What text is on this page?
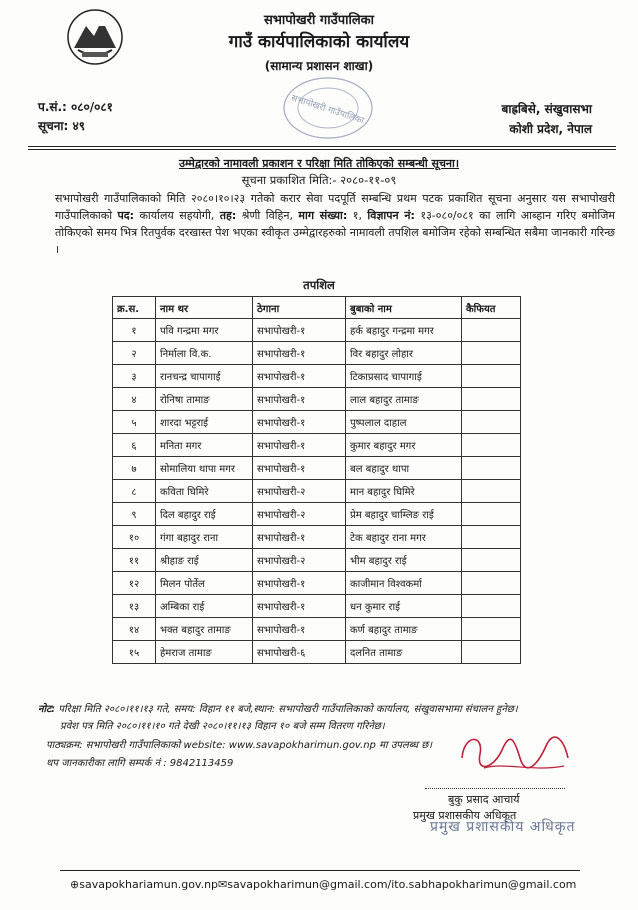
सभापोखरी गाउँपालिका
गाउँ कार्यपालिकाको कार्यालय
(सामान्य प्रशासन शाखा)
सभापोखरी गाउँपालिका
प.सं.: ०८०/०८१
सूचना: ४९
बाह्रबिसे, संखुवासभा
कोशी प्रदेश, नेपाल
उम्मेद्वारको नामावली प्रकाशन र परिक्षा मिति तोकिएको सम्बन्धी सूचना।
सूचना प्रकाशित मिति:- २०८०-११-०९
सभापोखरी गाउँपालिकाको मिति २०८०।१०।२३ गतेको करार सेवा पदपूर्ति सम्बन्धि प्रथम पटक प्रकाशित सूचना अनुसार यस सभापोखरी गाउँपालिकाको पद: कार्यालय सहयोगी, तह: श्रेणी विहिन, माग संख्या: १, विज्ञापन नं: १३-०८०/०८१ का लागि आब्हान गरिए बमोजिम तोकिएको समय भित्र रितपुर्वक दरखास्त पेश भएका स्वीकृत उम्मेद्वारहरुको नामावली तपशिल बमोजिम रहेको सम्बन्धित सबैमा जानकारी गरिन्छ ।
तपशिल
क्र.स.	नाम थर	ठेगाना	बुबाको नाम	कैफियत
१	पवि गन्द्रमा मगर	सभापोखरी-१	हर्क बहादुर गन्द्रमा मगर	
२	निर्माला वि.क.	सभापोखरी-१	विर बहादुर लोहार	
३	रानचन्द्र चापागाई	सभापोखरी-१	टिकाप्रसाद चापागाई	
४	रोनिषा तामाङ	सभापोखरी-१	लाल बहादुर तामाङ	
५	शारदा भट्टराई	सभापोखरी-१	पुष्पलाल दाहाल	
६	मनिता मगर	सभापोखरी-१	कुमार बहादुर मगर	
७	सोमालिया थापा मगर	सभापोखरी-१	बल बहादुर थापा	
८	कविता घिमिरे	सभापोखरी-२	मान बहादुर घिमिरे	
९	दिल बहादुर राई	सभापोखरी-२	प्रेम बहादुर चाम्लिङ राई	
१०	गंगा बहादुर राना	सभापोखरी-१	टेक बहादुर राना मगर	
११	श्रीहाङ राई	सभापोखरी-२	भीम बहादुर राई	
१२	मिलन पोर्तेल	सभापोखरी-१	काजीमान विश्वकर्मा	
१३	अम्बिका राई	सभापोखरी-१	धन कुमार राई	
१४	भक्त बहादुर तामाङ	सभापोखरी-१	कर्ण बहादुर तामाङ	
१५	हेमराज तामाङ	सभापोखरी-६	दलनित तामाङ	
नोट: परिक्षा मिति २०८०।११।१३ गते, समय: विहान ११ बजे,स्थान: सभापोखरी गाउँपालिकाको कार्यालय, संखुवासभामा संचालन हुनेछ।
प्रवेश पत्र मिति २०८०।११।१० गते देखी २०८०।११।१३ विहान १० बजे सम्म वितरण गरिनेछ।
पाठ्यक्रम: सभापोखरी गाउँपालिकाको website: www.savapokharimun.gov.np मा उपलब्ध छ।
थप जानकारीका लागि सम्पर्क नं : 9842113459
बुकु प्रसाद आचार्य
प्रमुख प्रशासकीय अधिकृत
प्रमुख प्रशासकीय अधिकृत
⊕savapokhariamun.gov.np✉savapokharimun@gmail.com/ito.sabhapokharimun@gmail.com
